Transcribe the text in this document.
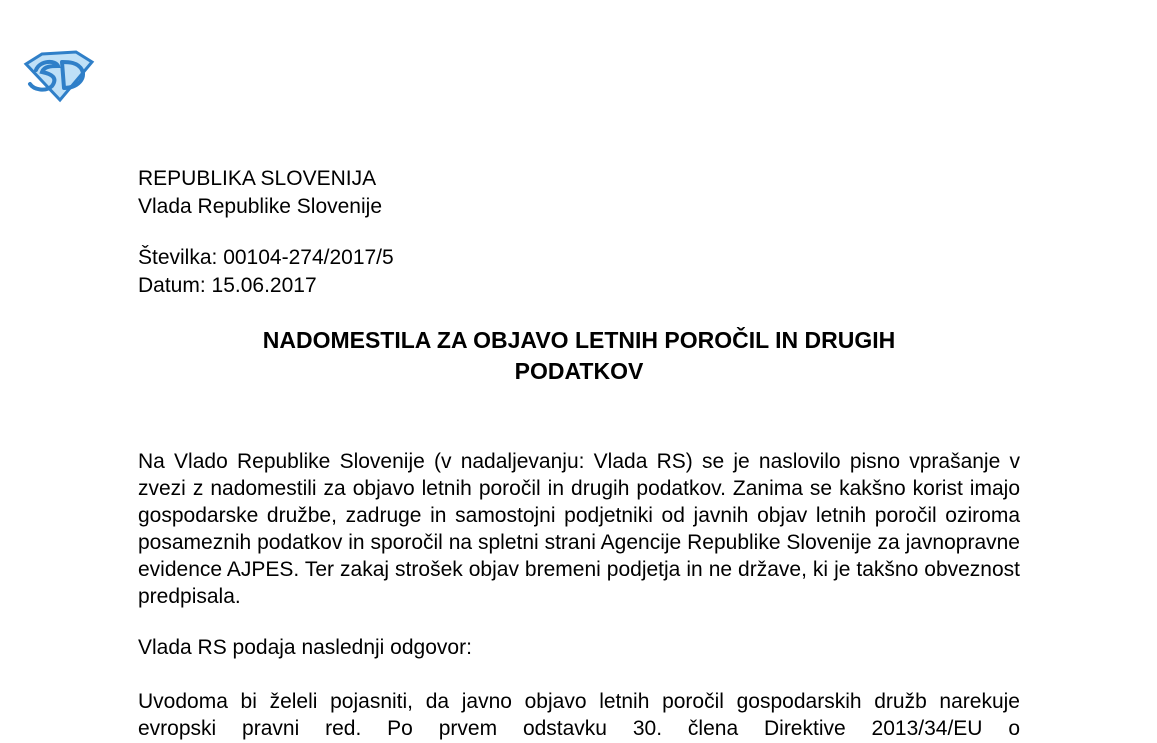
REPUBLIKA SLOVENIJA
Vlada Republike Slovenije
Številka: 00104-274/2017/5
Datum: 15.06.2017
NADOMESTILA ZA OBJAVO LETNIH POROČIL IN DRUGIH
PODATKOV
Na Vlado Republike Slovenije (v nadaljevanju: Vlada RS) se je naslovilo pisno vprašanje v zvezi z nadomestili za objavo letnih poročil in drugih podatkov. Zanima se kakšno korist imajo gospodarske družbe, zadruge in samostojni podjetniki od javnih objav letnih poročil oziroma posameznih podatkov in sporočil na spletni strani Agencije Republike Slovenije za javnopravne evidence AJPES. Ter zakaj strošek objav bremeni podjetja in ne države, ki je takšno obveznost predpisala.
Vlada RS podaja naslednji odgovor:
Uvodoma bi želeli pojasniti, da javno objavo letnih poročil gospodarskih družb narekuje evropski pravni red. Po prvem odstavku 30. člena Direktive 2013/34/EU o
